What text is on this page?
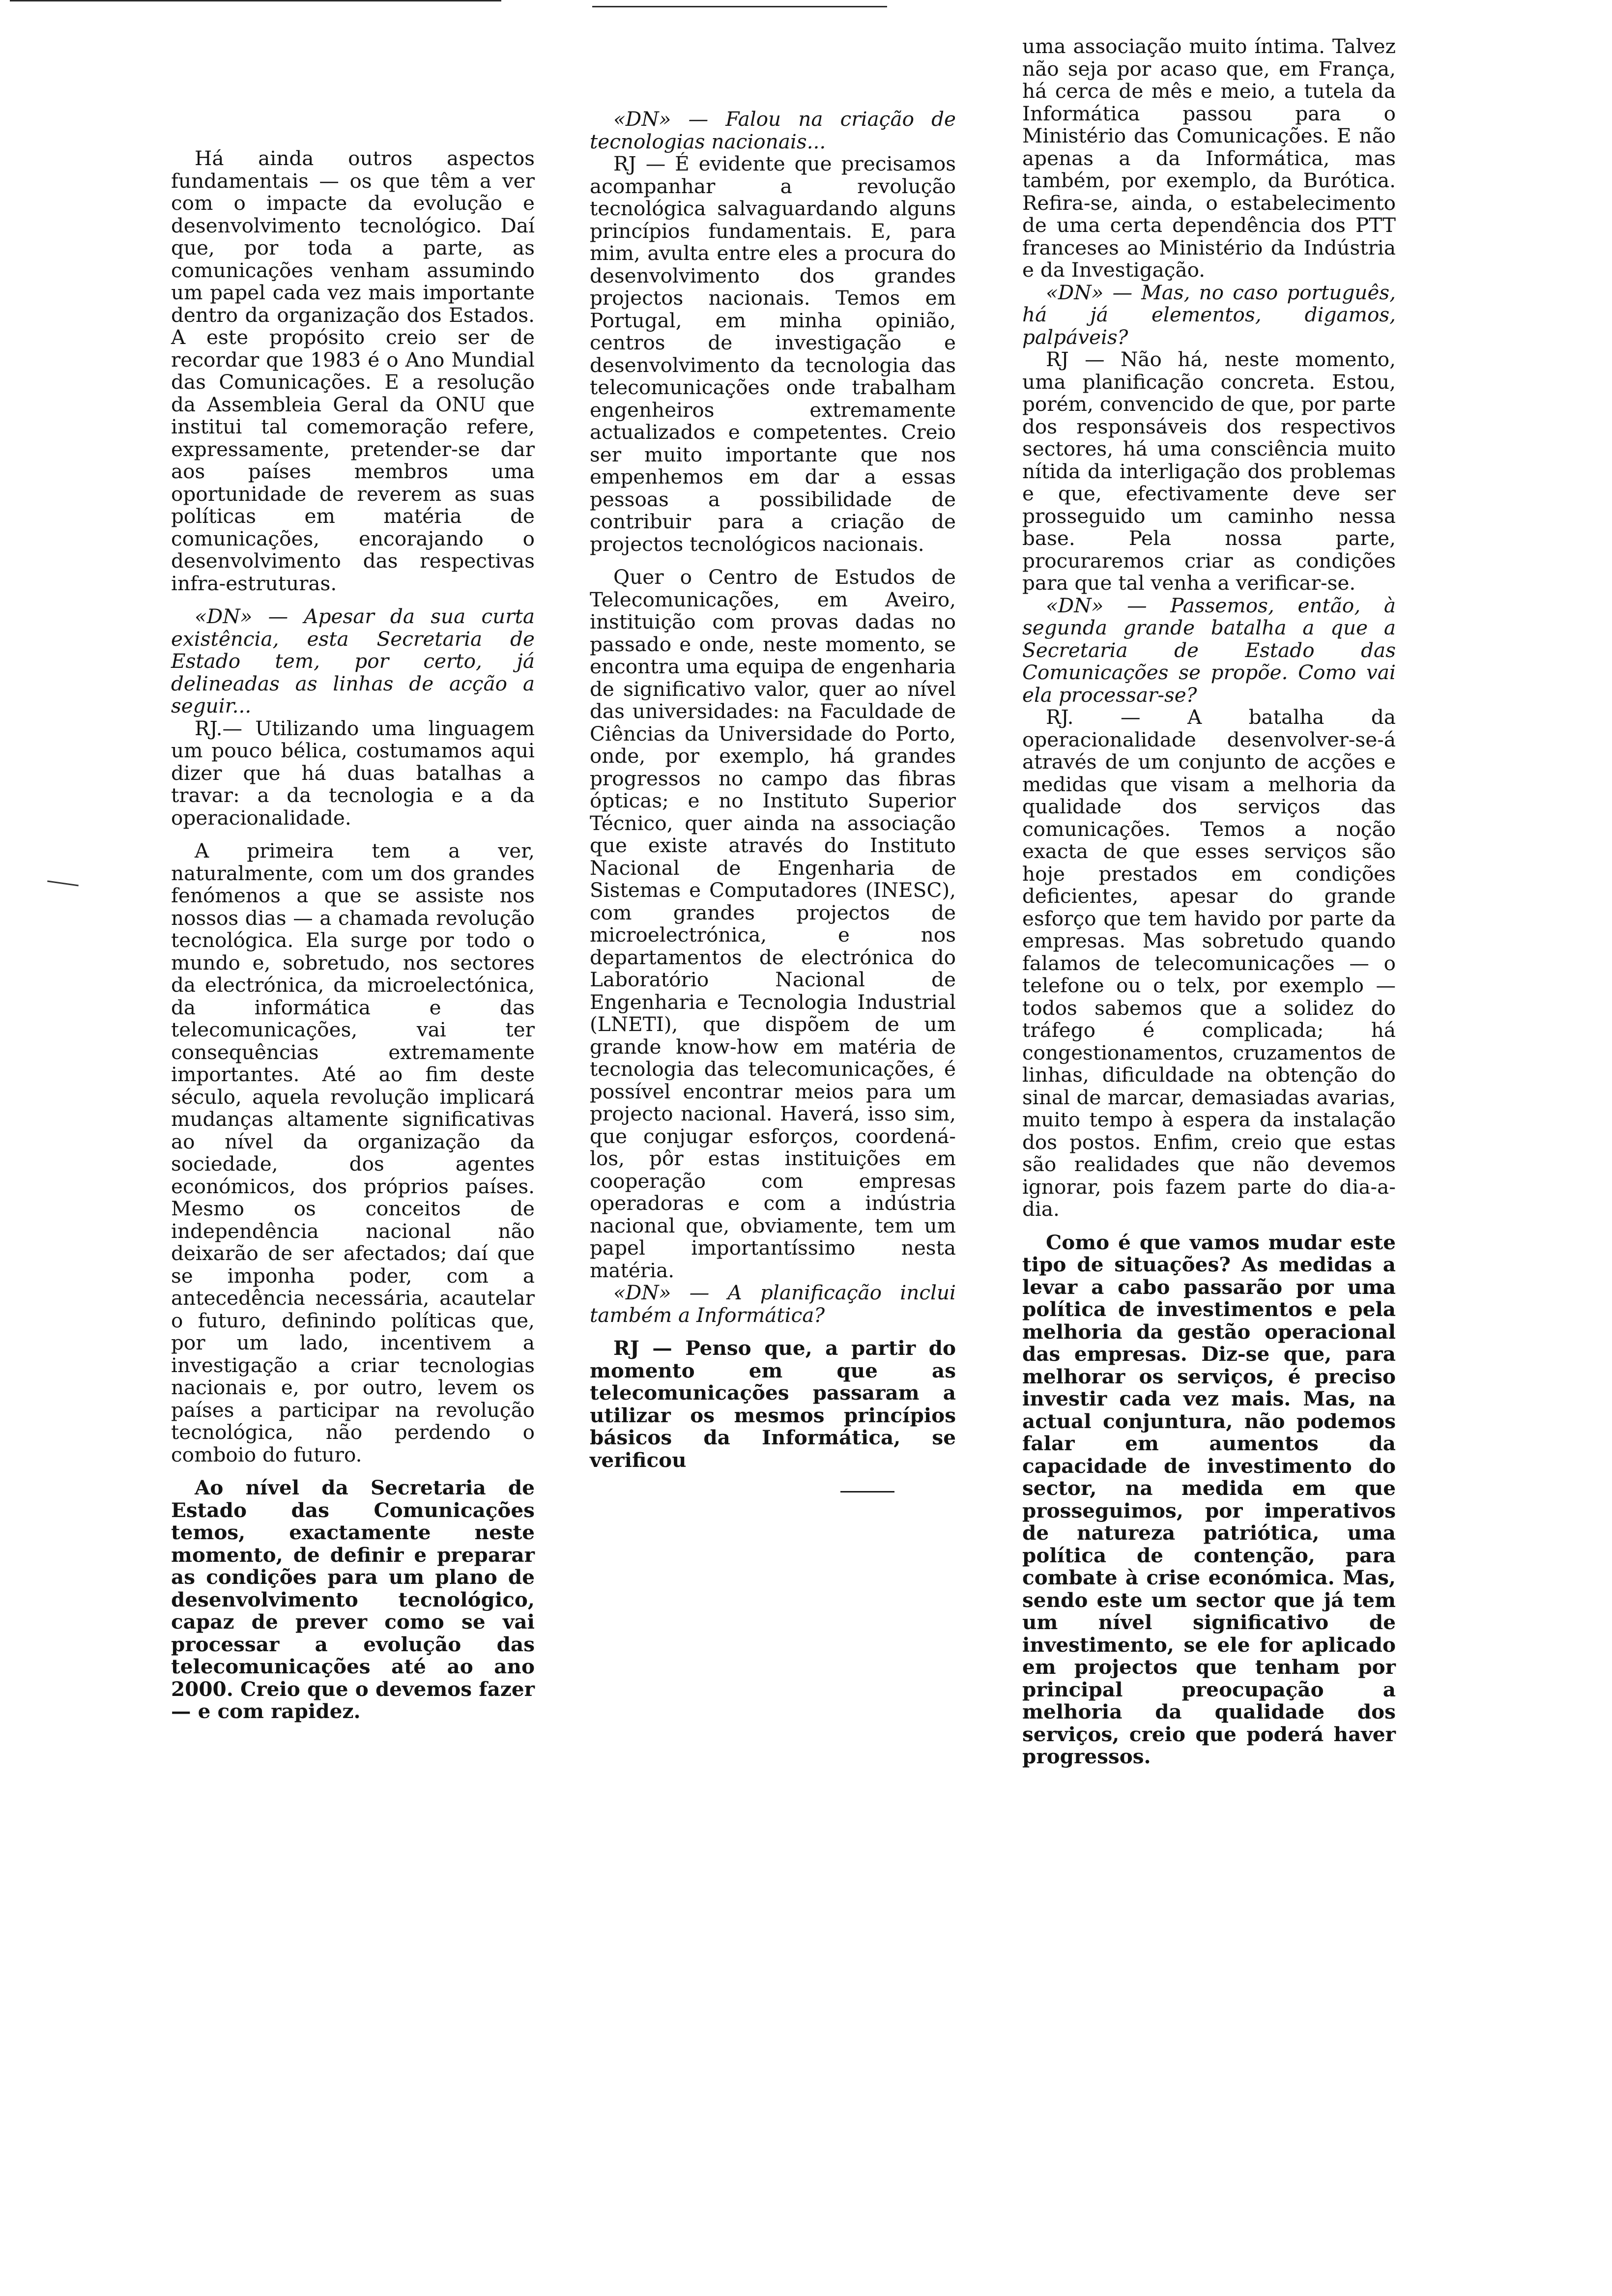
Há ainda outros aspectos fundamentais — os que têm a ver com o impacte da evolução e desenvolvimento tecnológico. Daí que, por toda a parte, as comunicações venham assumindo um papel cada vez mais importante dentro da organização dos Estados. A este propósito creio ser de recordar que 1983 é o Ano Mundial das Comunicações. E a resolução da Assembleia Geral da ONU que institui tal comemoração refere, expressamente, pretender-se dar aos países membros uma oportunidade de reverem as suas políticas em matéria de comunicações, encorajando o desenvolvimento das respectivas infra-estruturas.

«DN» — Apesar da sua curta existência, esta Secretaria de Estado tem, por certo, já delineadas as linhas de acção a seguir...

RJ.— Utilizando uma linguagem um pouco bélica, costumamos aqui dizer que há duas batalhas a travar: a da tecnologia e a da operacionalidade.

A primeira tem a ver, naturalmente, com um dos grandes fenómenos a que se assiste nos nossos dias — a chamada revolução tecnológica. Ela surge por todo o mundo e, sobretudo, nos sectores da electrónica, da microelectónica, da informática e das telecomunicações, vai ter consequências extremamente importantes. Até ao fim deste século, aquela revolução implicará mudanças altamente significativas ao nível da organização da sociedade, dos agentes económicos, dos próprios países. Mesmo os conceitos de independência nacional não deixarão de ser afectados; daí que se imponha poder, com a antecedência necessária, acautelar o futuro, definindo políticas que, por um lado, incentivem a investigação a criar tecnologias nacionais e, por outro, levem os países a participar na revolução tecnológica, não perdendo o comboio do futuro.

Ao nível da Secretaria de Estado das Comunicações temos, exactamente neste momento, de definir e preparar as condições para um plano de desenvolvimento tecnológico, capaz de prever como se vai processar a evolução das telecomunicações até ao ano 2000. Creio que o devemos fazer — e com rapidez.

«DN» — Falou na criação de tecnologias nacionais...

RJ — É evidente que precisamos acompanhar a revolução tecnológica salvaguardando alguns princípios fundamentais. E, para mim, avulta entre eles a procura do desenvolvimento dos grandes projectos nacionais. Temos em Portugal, em minha opinião, centros de investigação e desenvolvimento da tecnologia das telecomunicações onde trabalham engenheiros extremamente actualizados e competentes. Creio ser muito importante que nos empenhemos em dar a essas pessoas a possibilidade de contribuir para a criação de projectos tecnológicos nacionais.

Quer o Centro de Estudos de Telecomunicações, em Aveiro, instituição com provas dadas no passado e onde, neste momento, se encontra uma equipa de engenharia de significativo valor, quer ao nível das universidades: na Faculdade de Ciências da Universidade do Porto, onde, por exemplo, há grandes progressos no campo das fibras ópticas; e no Instituto Superior Técnico, quer ainda na associação que existe através do Instituto Nacional de Engenharia de Sistemas e Computadores (INESC), com grandes projectos de microelectrónica, e nos departamentos de electrónica do Laboratório Nacional de Engenharia e Tecnologia Industrial (LNETI), que dispõem de um grande know-how em matéria de tecnologia das telecomunicações, é possível encontrar meios para um projecto nacional. Haverá, isso sim, que conjugar esforços, coordená-los, pôr estas instituições em cooperação com empresas operadoras e com a indústria nacional que, obviamente, tem um papel importantíssimo nesta matéria.

«DN» — A planificação inclui também a Informática?

RJ — Penso que, a partir do momento em que as telecomunicações passaram a utilizar os mesmos princípios básicos da Informática, se verificou

uma associação muito íntima. Talvez não seja por acaso que, em França, há cerca de mês e meio, a tutela da Informática passou para o Ministério das Comunicações. E não apenas a da Informática, mas também, por exemplo, da Burótica. Refira-se, ainda, o estabelecimento de uma certa dependência dos PTT franceses ao Ministério da Indústria e da Investigação.

«DN» — Mas, no caso português, há já elementos, digamos, palpáveis?

RJ — Não há, neste momento, uma planificação concreta. Estou, porém, convencido de que, por parte dos responsáveis dos respectivos sectores, há uma consciência muito nítida da interligação dos problemas e que, efectivamente deve ser prosseguido um caminho nessa base. Pela nossa parte, procuraremos criar as condições para que tal venha a verificar-se.

«DN» — Passemos, então, à segunda grande batalha a que a Secretaria de Estado das Comunicações se propõe. Como vai ela processar-se?

RJ. — A batalha da operacionalidade desenvolver-se-á através de um conjunto de acções e medidas que visam a melhoria da qualidade dos serviços das comunicações. Temos a noção exacta de que esses serviços são hoje prestados em condições deficientes, apesar do grande esforço que tem havido por parte da empresas. Mas sobretudo quando falamos de telecomunicações — o telefone ou o telx, por exemplo — todos sabemos que a solidez do tráfego é complicada; há congestionamentos, cruzamentos de linhas, dificuldade na obtenção do sinal de marcar, demasiadas avarias, muito tempo à espera da instalação dos postos. Enfim, creio que estas são realidades que não devemos ignorar, pois fazem parte do dia-a-dia.

Como é que vamos mudar este tipo de situações? As medidas a levar a cabo passarão por uma política de investimentos e pela melhoria da gestão operacional das empresas. Diz-se que, para melhorar os serviços, é preciso investir cada vez mais. Mas, na actual conjuntura, não podemos falar em aumentos da capacidade de investimento do sector, na medida em que prosseguimos, por imperativos de natureza patriótica, uma política de contenção, para combate à crise económica. Mas, sendo este um sector que já tem um nível significativo de investimento, se ele for aplicado em projectos que tenham por principal preocupação a melhoria da qualidade dos serviços, creio que poderá haver progressos.
